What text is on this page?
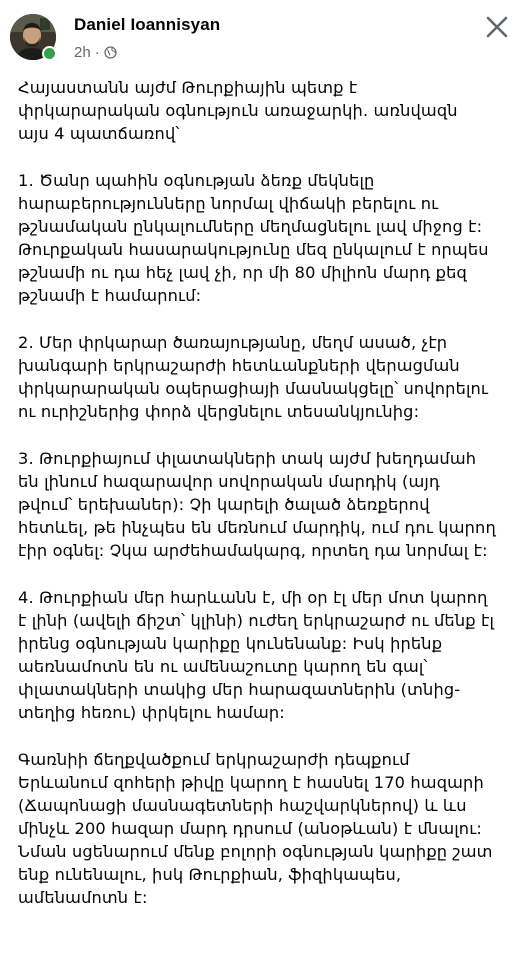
Daniel Ioannisyan
2h ·

Հայաստանն այժմ Թուրքիային պետք է
փրկարարական օգնություն առաջարկի. առնվազն
այս 4 պատճառով՝

1. Ծանր պահին օգնության ձեռք մեկնելը
հարաբերությունները նորմալ վիճակի բերելու ու
թշնամական ընկալումները մեղմացնելու լավ միջոց է:
Թուրքական հասարակությունը մեզ ընկալում է որպես
թշնամի ու դա հեչ լավ չի, որ մի 80 միլիոն մարդ քեզ
թշնամի է համարում:

2. Մեր փրկարար ծառայությանը, մեղմ ասած, չէր
խանգարի երկրաշարժի հետևանքների վերացման
փրկարարական օպերացիայի մասնակցելը՝ սովորելու
ու ուրիշներից փորձ վերցնելու տեսանկյունից:

3. Թուրքիայում փլատակների տակ այժմ խեղդամահ
են լինում հազարավոր սովորական մարդիկ (այդ
թվում՝ երեխաներ): Չի կարելի ծալած ձեռքերով
հետևել, թե ինչպես են մեռնում մարդիկ, ում դու կարող
էիր օգնել: Չկա արժեհամակարգ, որտեղ դա նորմալ է:

4. Թուրքիան մեր հարևանն է, մի օր էլ մեր մոտ կարող
է լինի (ավելի ճիշտ՝ կլինի) ուժեղ երկրաշարժ ու մենք էլ
իրենց օգնության կարիքը կունենանք: Իսկ իրենք
աեռնամոտն են ու ամենաշուտը կարող են գալ՝
փլատակների տակից մեր հարազատներին (տնից-
տեղից հեռու) փրկելու համար:

Գառնիի ճեղքվածքում երկրաշարժի դեպքում
Երևանում զոհերի թիվը կարող է հասնել 170 հազարի
(Ճապոնացի մասնագետների հաշվարկներով) և ևս
մինչև 200 հազար մարդ դրսում (անօթևան) է մնալու:
Նման սցենարում մենք բոլորի օգնության կարիքը շատ
ենք ունենալու, իսկ Թուրքիան, ֆիզիկապես,
ամենամոտն է:
